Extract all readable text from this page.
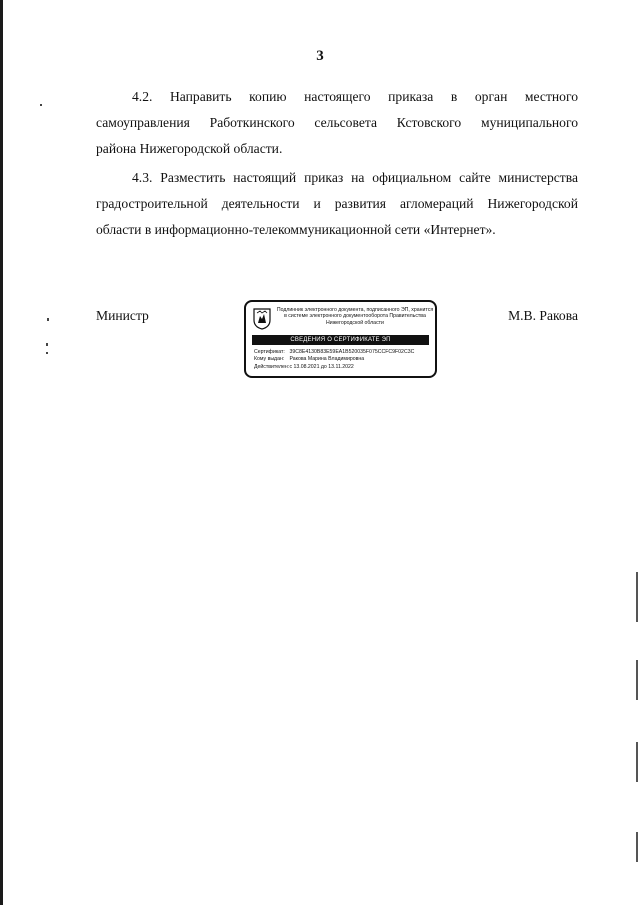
3
4.2. Направить копию настоящего приказа в орган местного
самоуправления Работкинского сельсовета Кстовского муниципального
района Нижегородской области.
4.3. Разместить настоящий приказ на официальном сайте министерства
градостроительной деятельности и развития агломераций Нижегородской
области в информационно-телекоммуникационной сети «Интернет».
Министр	М.В. Ракова
Подлинник электронного документа, подписанного ЭП, хранится в системе электронного документооборота Правительства Нижегородской области
СВЕДЕНИЯ О СЕРТИФИКАТЕ ЭП
Сертификат: 39C8E4130B83E59EA1B520035F075CCFC9F02C3C
Кому выдан: Ракова Марина Владимировна
Действителен: с 13.08.2021 до 13.11.2022
